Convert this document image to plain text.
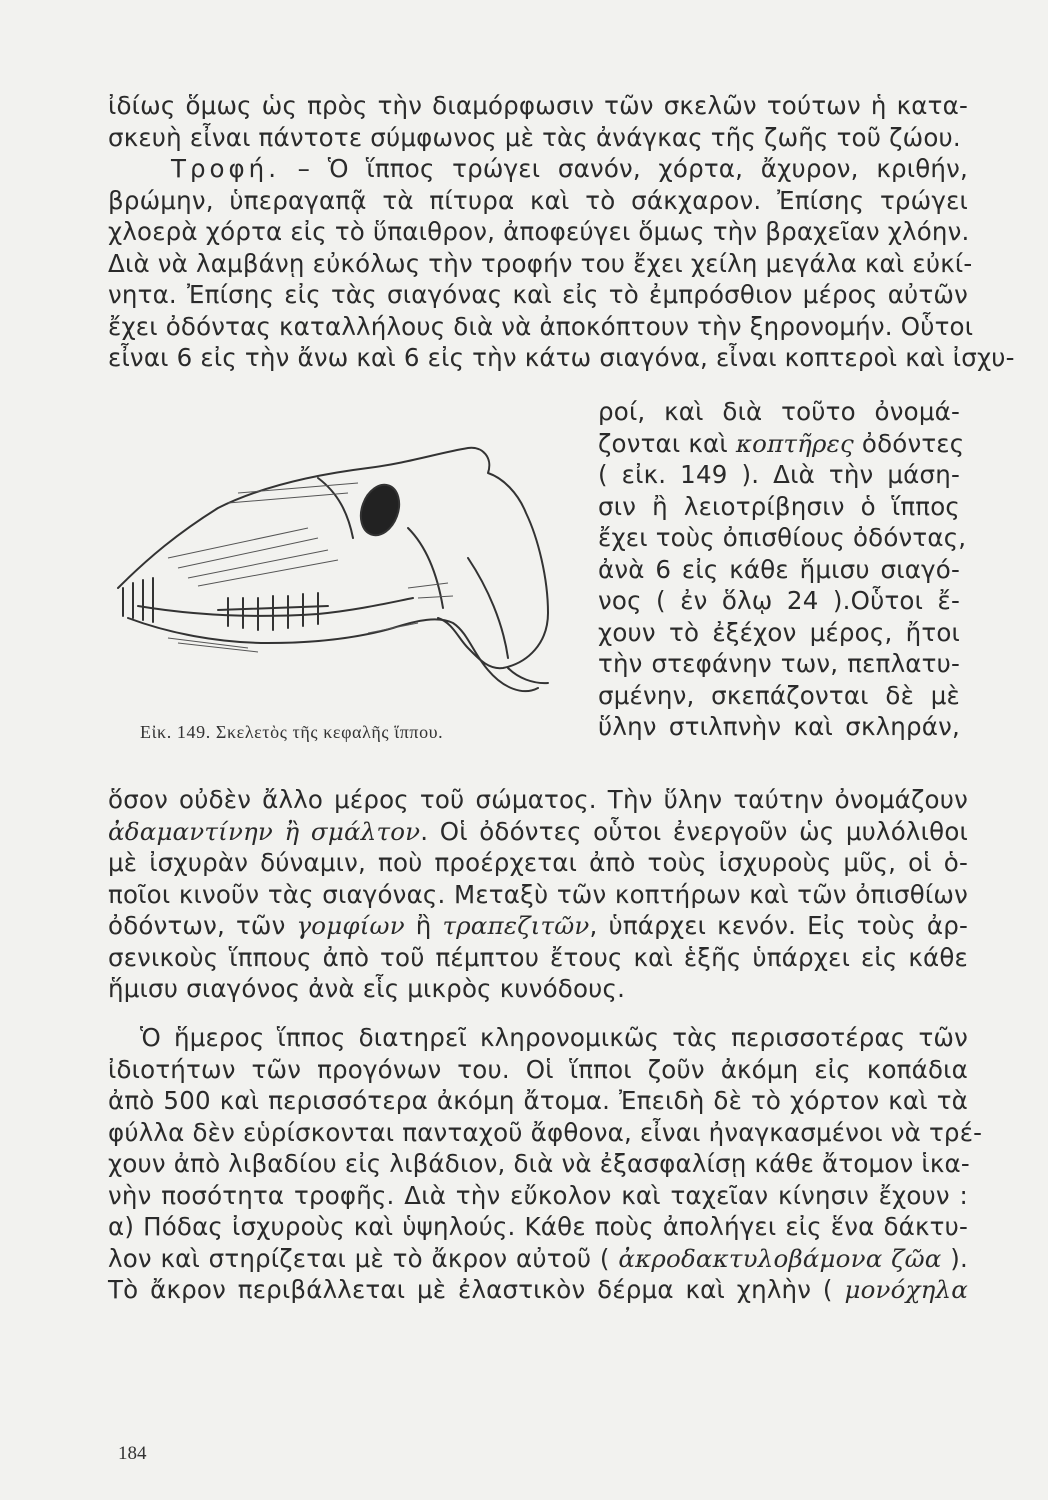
ἰδίως ὅμως ὡς πρὸς τὴν διαμόρφωσιν τῶν σκελῶν τούτων ἡ κατα-
σκευὴ εἶναι πάντοτε σύμφωνος μὲ τὰς ἀνάγκας τῆς ζωῆς τοῦ ζώου.
Τροφή. – Ὁ ἵππος τρώγει σανόν, χόρτα, ἄχυρον, κριθήν,
βρώμην, ὑπεραγαπᾷ τὰ πίτυρα καὶ τὸ σάκχαρον. Ἐπίσης τρώγει
χλοερὰ χόρτα εἰς τὸ ὕπαιθρον, ἀποφεύγει ὅμως τὴν βραχεῖαν χλόην.
Διὰ νὰ λαμβάνῃ εὐκόλως τὴν τροφήν του ἔχει χείλη μεγάλα καὶ εὐκί-
νητα. Ἐπίσης εἰς τὰς σιαγόνας καὶ εἰς τὸ ἐμπρόσθιον μέρος αὐτῶν
ἔχει ὀδόντας καταλλήλους διὰ νὰ ἀποκόπτουν τὴν ξηρονομήν. Οὗτοι
εἶναι 6 εἰς τὴν ἄνω καὶ 6 εἰς τὴν κάτω σιαγόνα, εἶναι κοπτεροὶ καὶ ἰσχυ-
ροί, καὶ διὰ τοῦτο ὀνομά-
ζονται καὶ κοπτῆρες ὀδόντες
( εἰκ. 149 ). Διὰ τὴν μάση-
σιν ἢ λειοτρίβησιν ὁ ἵππος
ἔχει τοὺς ὀπισθίους ὀδόντας,
ἀνὰ 6 εἰς κάθε ἥμισυ σιαγό-
νος ( ἐν ὅλῳ 24 ).Οὗτοι ἔ-
χουν τὸ ἐξέχον μέρος, ἤτοι
τὴν στεφάνην των, πεπλατυ-
σμένην, σκεπάζονται δὲ μὲ
ὕλην στιλπνὴν καὶ σκληράν,
Εἰκ. 149. Σκελετὸς τῆς κεφαλῆς ἵππου.
ὅσον οὐδὲν ἄλλο μέρος τοῦ σώματος. Τὴν ὕλην ταύτην ὀνομάζουν
ἀδαμαντίνην ἢ σμάλτον. Οἱ ὀδόντες οὗτοι ἐνεργοῦν ὡς μυλόλιθοι
μὲ ἰσχυρὰν δύναμιν, ποὺ προέρχεται ἀπὸ τοὺς ἰσχυροὺς μῦς, οἱ ὁ-
ποῖοι κινοῦν τὰς σιαγόνας. Μεταξὺ τῶν κοπτήρων καὶ τῶν ὀπισθίων
ὀδόντων, τῶν γομφίων ἢ τραπεζιτῶν, ὑπάρχει κενόν. Εἰς τοὺς ἀρ-
σενικοὺς ἵππους ἀπὸ τοῦ πέμπτου ἔτους καὶ ἑξῆς ὑπάρχει εἰς κάθε
ἥμισυ σιαγόνος ἀνὰ εἷς μικρὸς κυνόδους.
Ὁ ἥμερος ἵππος διατηρεῖ κληρονομικῶς τὰς περισσοτέρας τῶν
ἰδιοτήτων τῶν προγόνων του. Οἱ ἵπποι ζοῦν ἀκόμη εἰς κοπάδια
ἀπὸ 500 καὶ περισσότερα ἀκόμη ἄτομα. Ἐπειδὴ δὲ τὸ χόρτον καὶ τὰ
φύλλα δὲν εὑρίσκονται πανταχοῦ ἄφθονα, εἶναι ἠναγκασμένοι νὰ τρέ-
χουν ἀπὸ λιβαδίου εἰς λιβάδιον, διὰ νὰ ἐξασφαλίσῃ κάθε ἄτομον ἱκα-
νὴν ποσότητα τροφῆς. Διὰ τὴν εὔκολον καὶ ταχεῖαν κίνησιν ἔχουν :
α) Πόδας ἰσχυροὺς καὶ ὑψηλούς. Κάθε ποὺς ἀπολήγει εἰς ἕνα δάκτυ-
λον καὶ στηρίζεται μὲ τὸ ἄκρον αὐτοῦ ( ἀκροδακτυλοβάμονα ζῶα ).
Τὸ ἄκρον περιβάλλεται μὲ ἐλαστικὸν δέρμα καὶ χηλὴν ( μονόχηλα
184
